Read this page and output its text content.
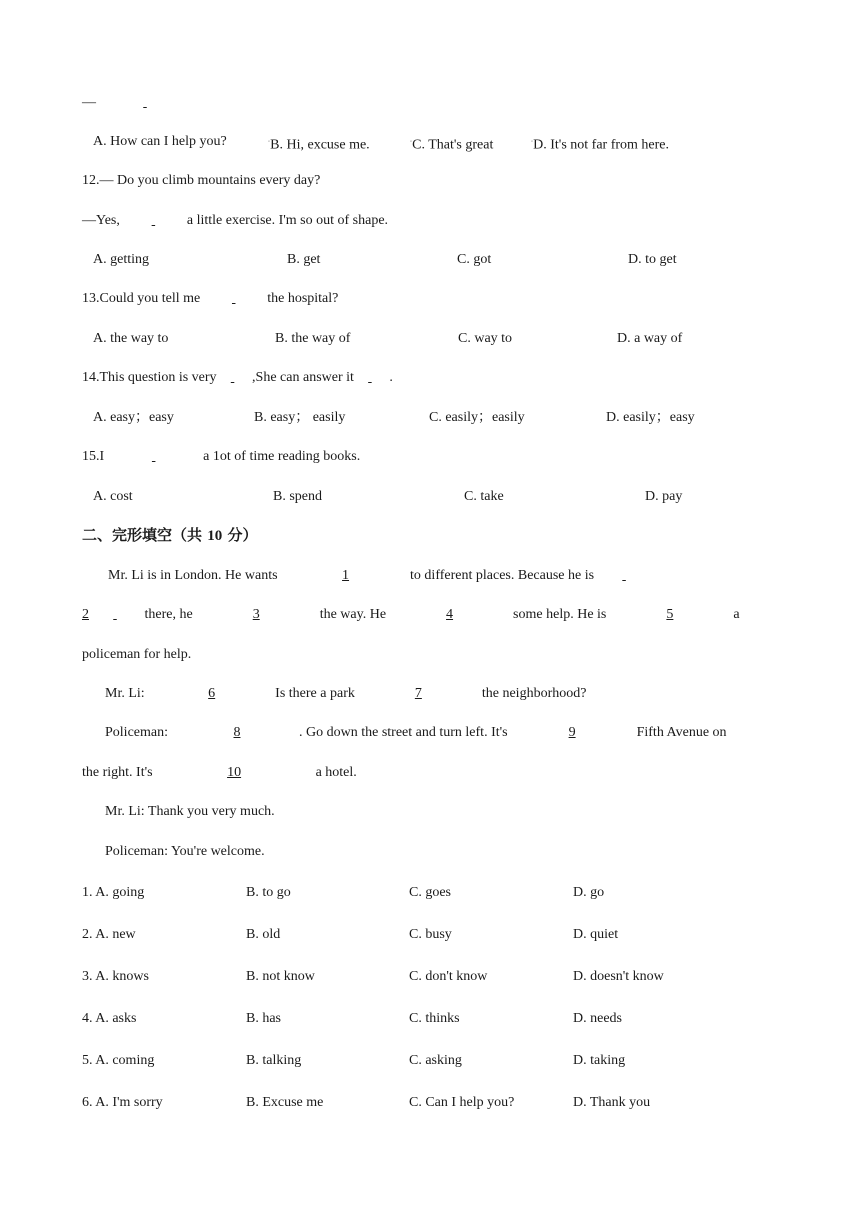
—
A. How can I help you?	◦B. Hi, excuse me.	◦C. That's great	◦D. It's not far from here.
12.— Do you climb mountains every day?
—Yes,	a little exercise. I'm so out of shape.
A. getting	B. get	C. got	D. to get
13.Could you tell me	the hospital?
A. the way to	B. the way of	C. way to	D. a way of
14.This question is very  ,She can answer it  .
A. easy；easy	B. easy； easily	C. easily；easily	D. easily；easy
15.I	a 1ot of time reading books.
A. cost	B. spend	C. take	D. pay
二、完形填空（共 10 分）
Mr. Li is in London. He wants	1	to different places. Because he is
2	there, he	3	the way. He	4	some help. He is	5	a
policeman for help.
Mr. Li:	6	Is there a park	7	the neighborhood?
Policeman:	8	. Go down the street and turn left. It's	9	Fifth Avenue on
the right. It's	10	a hotel.
Mr. Li: Thank you very much.
Policeman: You're welcome.
1. A. going	B. to go	C. goes	D. go
2. A. new	B. old	C. busy	D. quiet
3. A. knows	B. not know	C. don't know	D. doesn't know
4. A. asks	B. has	C. thinks	D. needs
5. A. coming	B. talking	C. asking	D. taking
6. A. I'm sorry	B. Excuse me	C. Can I help you?	D. Thank you
